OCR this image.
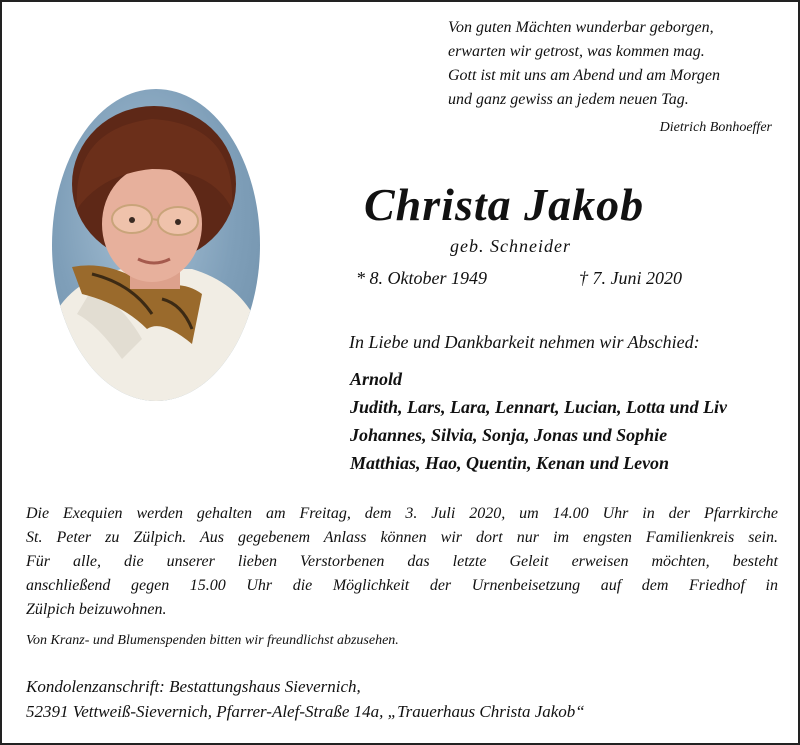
Von guten Mächten wunderbar geborgen,
erwarten wir getrost, was kommen mag.
Gott ist mit uns am Abend und am Morgen
und ganz gewiss an jedem neuen Tag.
Dietrich Bonhoeffer
Christa Jakob
geb. Schneider
* 8. Oktober 1949	† 7. Juni 2020
In Liebe und Dankbarkeit nehmen wir Abschied:
Arnold
Judith, Lars, Lara, Lennart, Lucian, Lotta und Liv
Johannes, Silvia, Sonja, Jonas und Sophie
Matthias, Hao, Quentin, Kenan und Levon
Die Exequien werden gehalten am Freitag, dem 3. Juli 2020, um 14.00 Uhr in der Pfarrkirche
St. Peter zu Zülpich. Aus gegebenem Anlass können wir dort nur im engsten Familienkreis sein.
Für alle, die unserer lieben Verstorbenen das letzte Geleit erweisen möchten, besteht
anschließend gegen 15.00 Uhr die Möglichkeit der Urnenbeisetzung auf dem Friedhof in
Zülpich beizuwohnen.
Von Kranz- und Blumenspenden bitten wir freundlichst abzusehen.
Kondolenzanschrift: Bestattungshaus Sievernich,
52391 Vettweiß-Sievernich, Pfarrer-Alef-Straße 14a, „Trauerhaus Christa Jakob“
